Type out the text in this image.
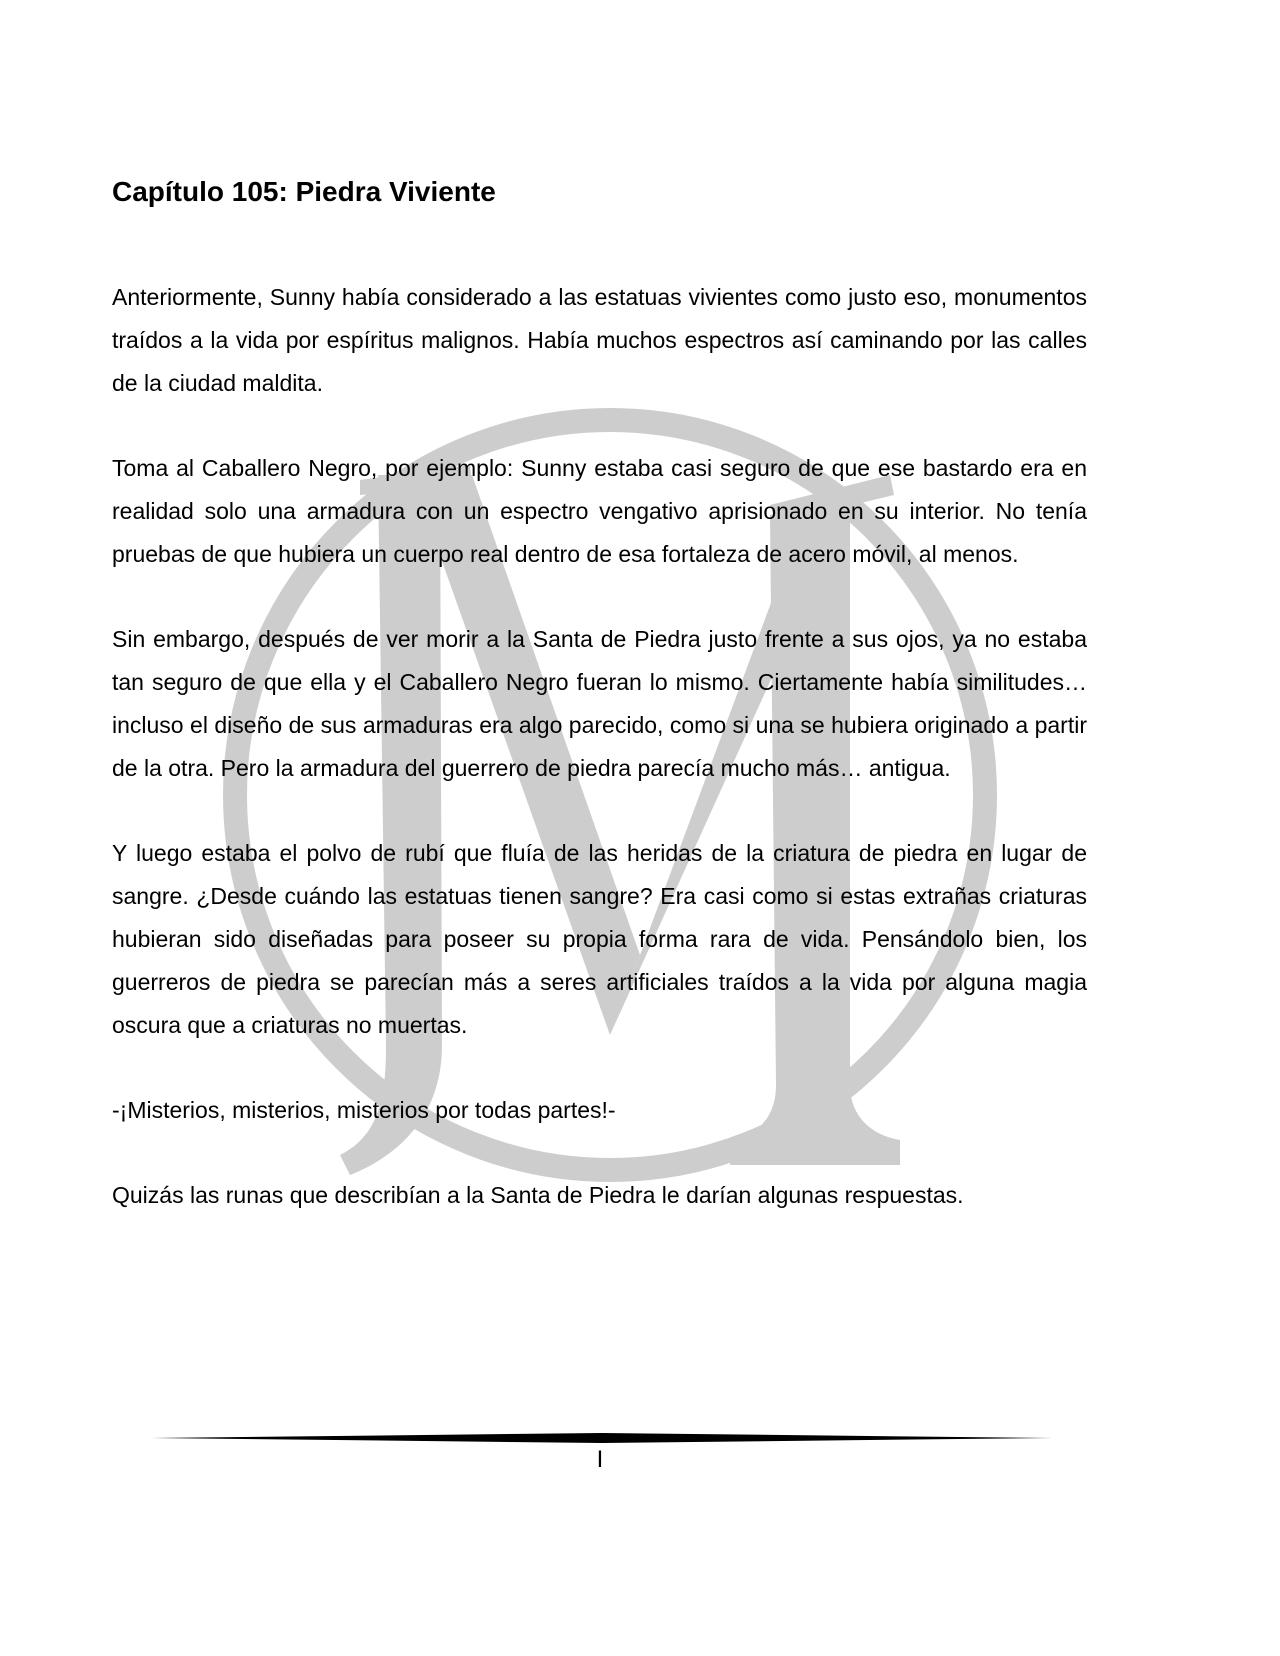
Capítulo 105: Piedra Viviente

Anteriormente, Sunny había considerado a las estatuas vivientes como justo eso, monumentos traídos a la vida por espíritus malignos. Había muchos espectros así caminando por las calles de la ciudad maldita.

Toma al Caballero Negro, por ejemplo: Sunny estaba casi seguro de que ese bastardo era en realidad solo una armadura con un espectro vengativo aprisionado en su interior. No tenía pruebas de que hubiera un cuerpo real dentro de esa fortaleza de acero móvil, al menos.

Sin embargo, después de ver morir a la Santa de Piedra justo frente a sus ojos, ya no estaba tan seguro de que ella y el Caballero Negro fueran lo mismo. Ciertamente había similitudes… incluso el diseño de sus armaduras era algo parecido, como si una se hubiera originado a partir de la otra. Pero la armadura del guerrero de piedra parecía mucho más… antigua.

Y luego estaba el polvo de rubí que fluía de las heridas de la criatura de piedra en lugar de sangre. ¿Desde cuándo las estatuas tienen sangre? Era casi como si estas extrañas criaturas hubieran sido diseñadas para poseer su propia forma rara de vida. Pensándolo bien, los guerreros de piedra se parecían más a seres artificiales traídos a la vida por alguna magia oscura que a criaturas no muertas.

-¡Misterios, misterios, misterios por todas partes!-

Quizás las runas que describían a la Santa de Piedra le darían algunas respuestas.

I
